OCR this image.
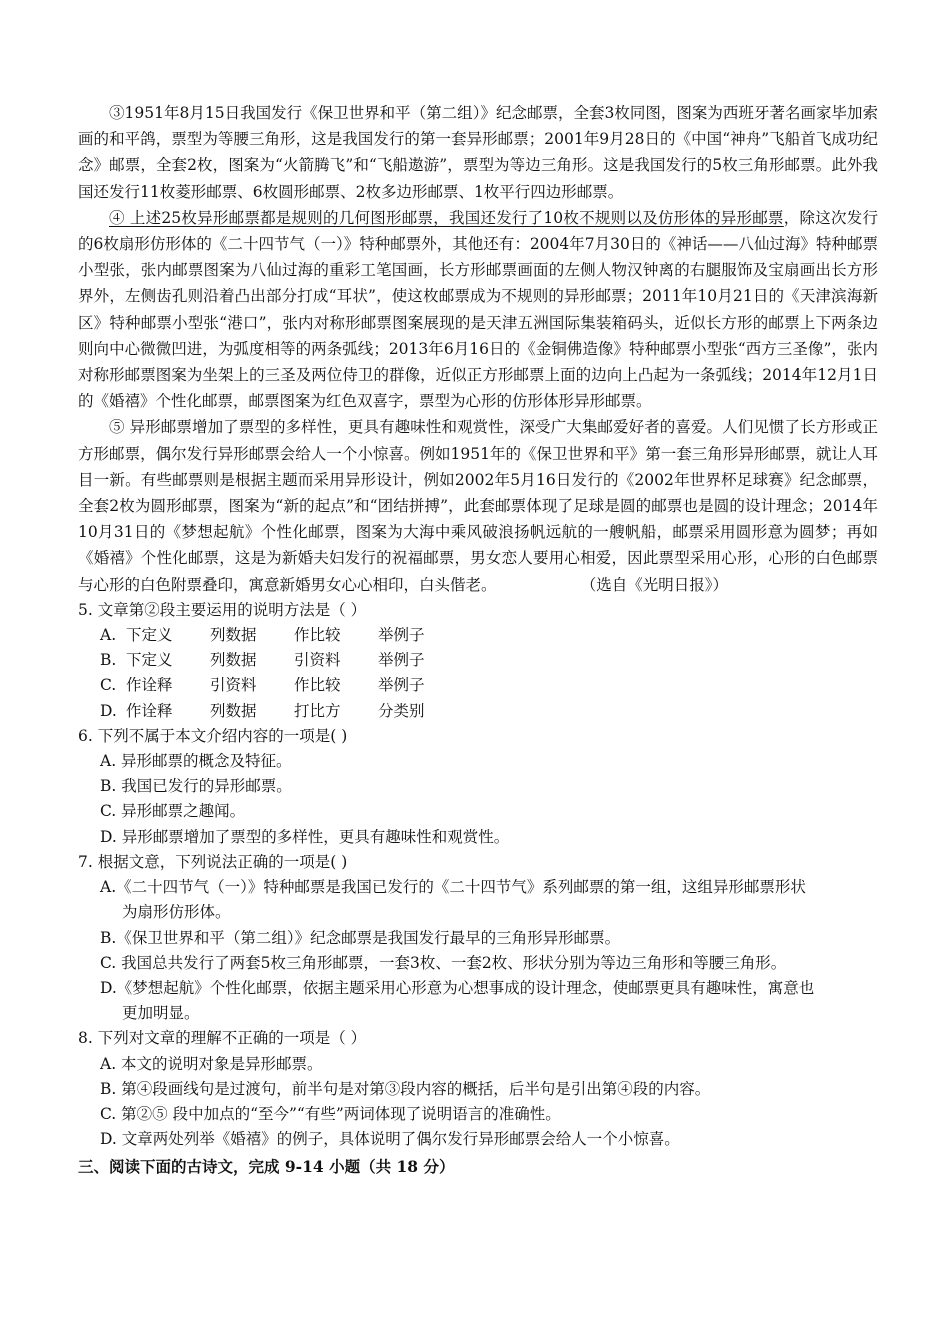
③1951年8月15日我国发行《保卫世界和平（第二组）》纪念邮票，全套3枚同图，图案为西班牙著名画家毕加索画的和平鸽，票型为等腰三角形，这是我国发行的第一套异形邮票；2001年9月28日的《中国“神舟”飞船首飞成功纪念》邮票，全套2枚，图案为“火箭腾飞”和“飞船遨游”，票型为等边三角形。这是我国发行的5枚三角形邮票。此外我国还发行11枚菱形邮票、6枚圆形邮票、2枚多边形邮票、1枚平行四边形邮票。

④ 上述25枚异形邮票都是规则的几何图形邮票，我国还发行了10枚不规则以及仿形体的异形邮票，除这次发行的6枚扇形仿形体的《二十四节气（一）》特种邮票外，其他还有：2004年7月30日的《神话——八仙过海》特种邮票小型张，张内邮票图案为八仙过海的重彩工笔国画，长方形邮票画面的左侧人物汉钟离的右腿服饰及宝扇画出长方形界外，左侧齿孔则沿着凸出部分打成“耳状”，使这枚邮票成为不规则的异形邮票；2011年10月21日的《天津滨海新区》特种邮票小型张“港口”，张内对称形邮票图案展现的是天津五洲国际集装箱码头，近似长方形的邮票上下两条边则向中心微微凹进，为弧度相等的两条弧线；2013年6月16日的《金铜佛造像》特种邮票小型张“西方三圣像”，张内对称形邮票图案为坐架上的三圣及两位侍卫的群像，近似正方形邮票上面的边向上凸起为一条弧线；2014年12月1日的《婚禧》个性化邮票，邮票图案为红色双喜字，票型为心形的仿形体形异形邮票。

⑤ 异形邮票增加了票型的多样性，更具有趣味性和观赏性，深受广大集邮爱好者的喜爱。人们见惯了长方形或正方形邮票，偶尔发行异形邮票会给人一个小惊喜。例如1951年的《保卫世界和平》第一套三角形异形邮票，就让人耳目一新。有些邮票则是根据主题而采用异形设计，例如2002年5月16日发行的《2002年世界杯足球赛》纪念邮票，全套2枚为圆形邮票，图案为“新的起点”和“团结拼搏”，此套邮票体现了足球是圆的邮票也是圆的设计理念；2014年10月31日的《梦想起航》个性化邮票，图案为大海中乘风破浪扬帆远航的一艘帆船，邮票采用圆形意为圆梦；再如《婚禧》个性化邮票，这是为新婚夫妇发行的祝福邮票，男女恋人要用心相爱，因此票型采用心形，心形的白色邮票与心形的白色附票叠印，寓意新婚男女心心相印，白头偕老。	（选自《光明日报》）

5. 文章第②段主要运用的说明方法是（ ）

A. 下定义	列数据	作比较	举例子
B. 下定义	列数据	引资料	举例子
C. 作诠释	引资料	作比较	举例子
D. 作诠释	列数据	打比方	分类别

6. 下列不属于本文介绍内容的一项是( )

A. 异形邮票的概念及特征。

B. 我国已发行的异形邮票。

C. 异形邮票之趣闻。

D. 异形邮票增加了票型的多样性，更具有趣味性和观赏性。

7. 根据文意，下列说法正确的一项是( )

A.《二十四节气（一）》特种邮票是我国已发行的《二十四节气》系列邮票的第一组，这组异形邮票形状
为扇形仿形体。

B.《保卫世界和平（第二组）》纪念邮票是我国发行最早的三角形异形邮票。

C. 我国总共发行了两套5枚三角形邮票，一套3枚、一套2枚、形状分别为等边三角形和等腰三角形。

D.《梦想起航》个性化邮票，依据主题采用心形意为心想事成的设计理念，使邮票更具有趣味性，寓意也
更加明显。

8. 下列对文章的理解不正确的一项是（ ）

A. 本文的说明对象是异形邮票。

B. 第④段画线句是过渡句，前半句是对第③段内容的概括，后半句是引出第④段的内容。

C. 第②⑤ 段中加点的“至今”“有些”两词体现了说明语言的准确性。

D. 文章两处列举《婚禧》的例子，具体说明了偶尔发行异形邮票会给人一个小惊喜。

三、阅读下面的古诗文，完成 9-14 小题（共 18 分）
